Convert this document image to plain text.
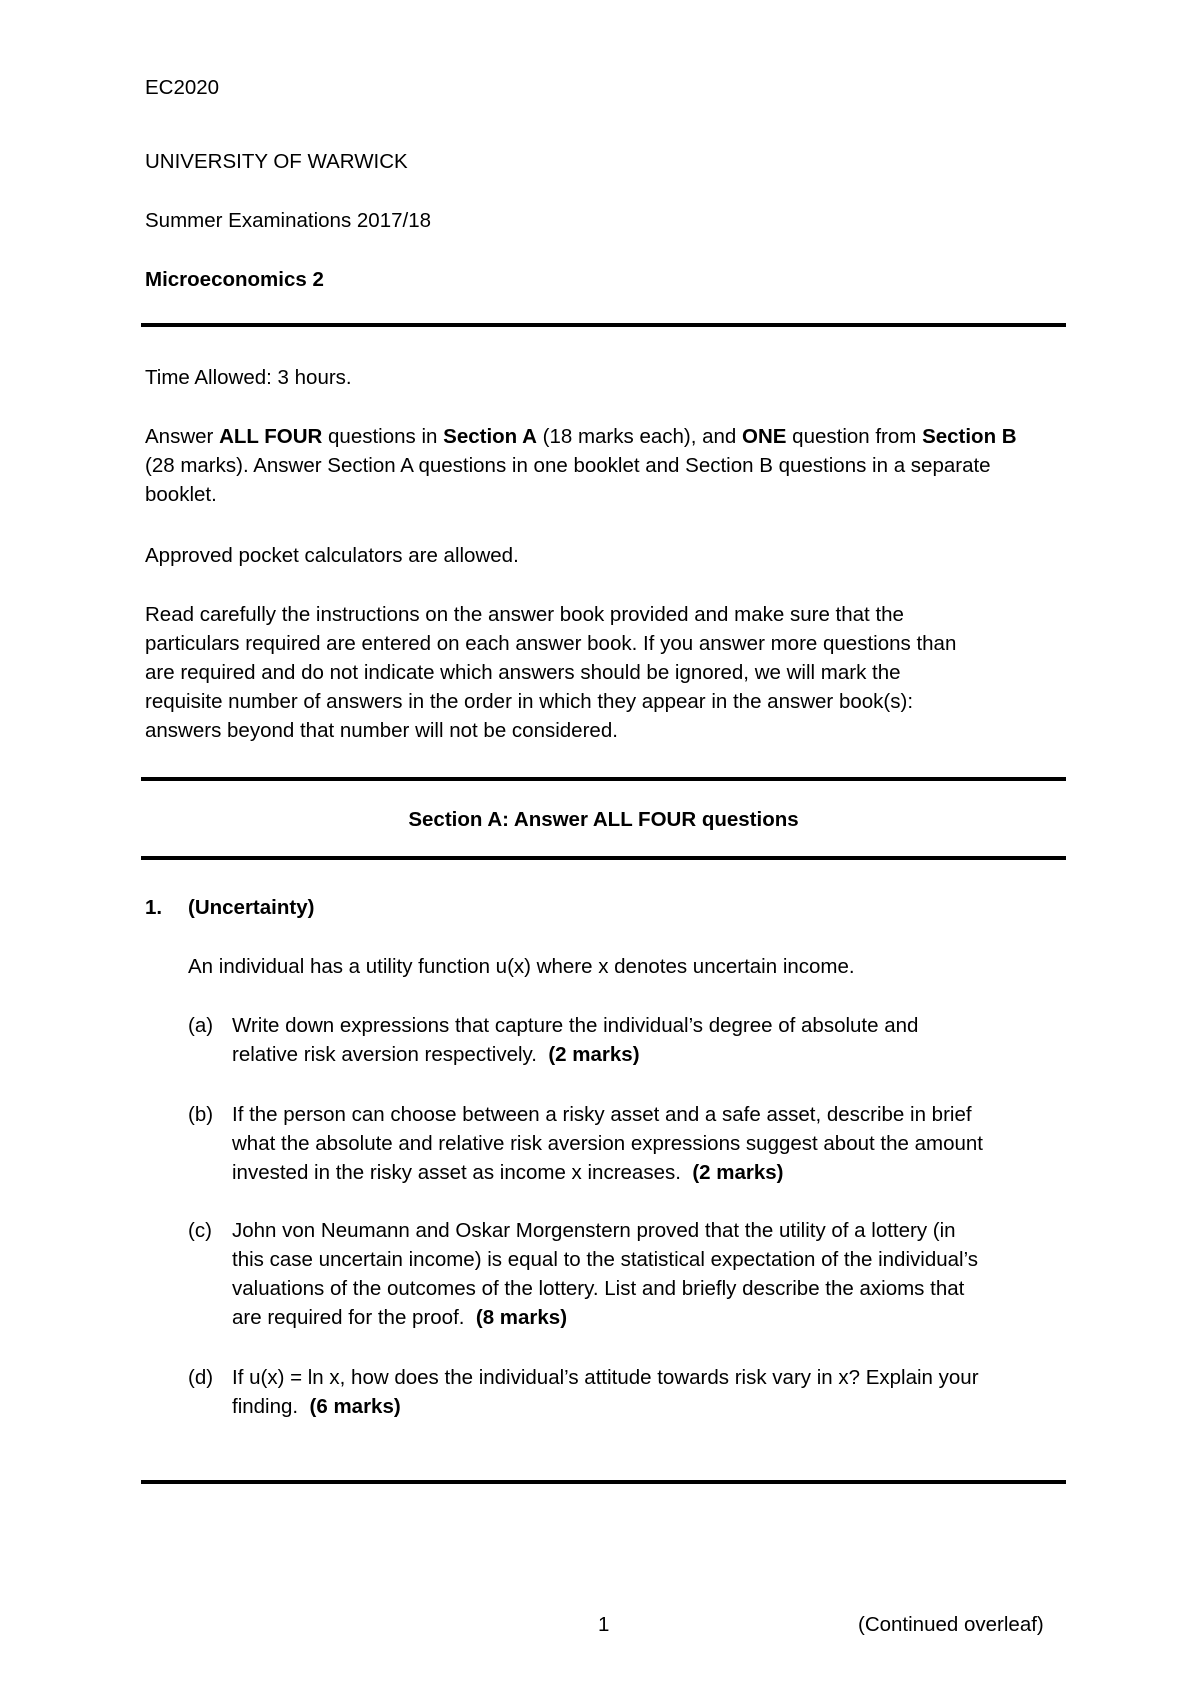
EC2020
UNIVERSITY OF WARWICK
Summer Examinations 2017/18
Microeconomics 2
Time Allowed: 3 hours.
Answer ALL FOUR questions in Section A (18 marks each), and ONE question from Section B
(28 marks). Answer Section A questions in one booklet and Section B questions in a separate
booklet.
Approved pocket calculators are allowed.
Read carefully the instructions on the answer book provided and make sure that the
particulars required are entered on each answer book. If you answer more questions than
are required and do not indicate which answers should be ignored, we will mark the
requisite number of answers in the order in which they appear in the answer book(s):
answers beyond that number will not be considered.
Section A: Answer ALL FOUR questions
1. (Uncertainty)
An individual has a utility function u(x) where x denotes uncertain income.
(a) Write down expressions that capture the individual’s degree of absolute and
relative risk aversion respectively. (2 marks)
(b) If the person can choose between a risky asset and a safe asset, describe in brief
what the absolute and relative risk aversion expressions suggest about the amount
invested in the risky asset as income x increases. (2 marks)
(c) John von Neumann and Oskar Morgenstern proved that the utility of a lottery (in
this case uncertain income) is equal to the statistical expectation of the individual’s
valuations of the outcomes of the lottery. List and briefly describe the axioms that
are required for the proof. (8 marks)
(d) If u(x) = ln x, how does the individual’s attitude towards risk vary in x? Explain your
finding. (6 marks)
1	(Continued overleaf)
